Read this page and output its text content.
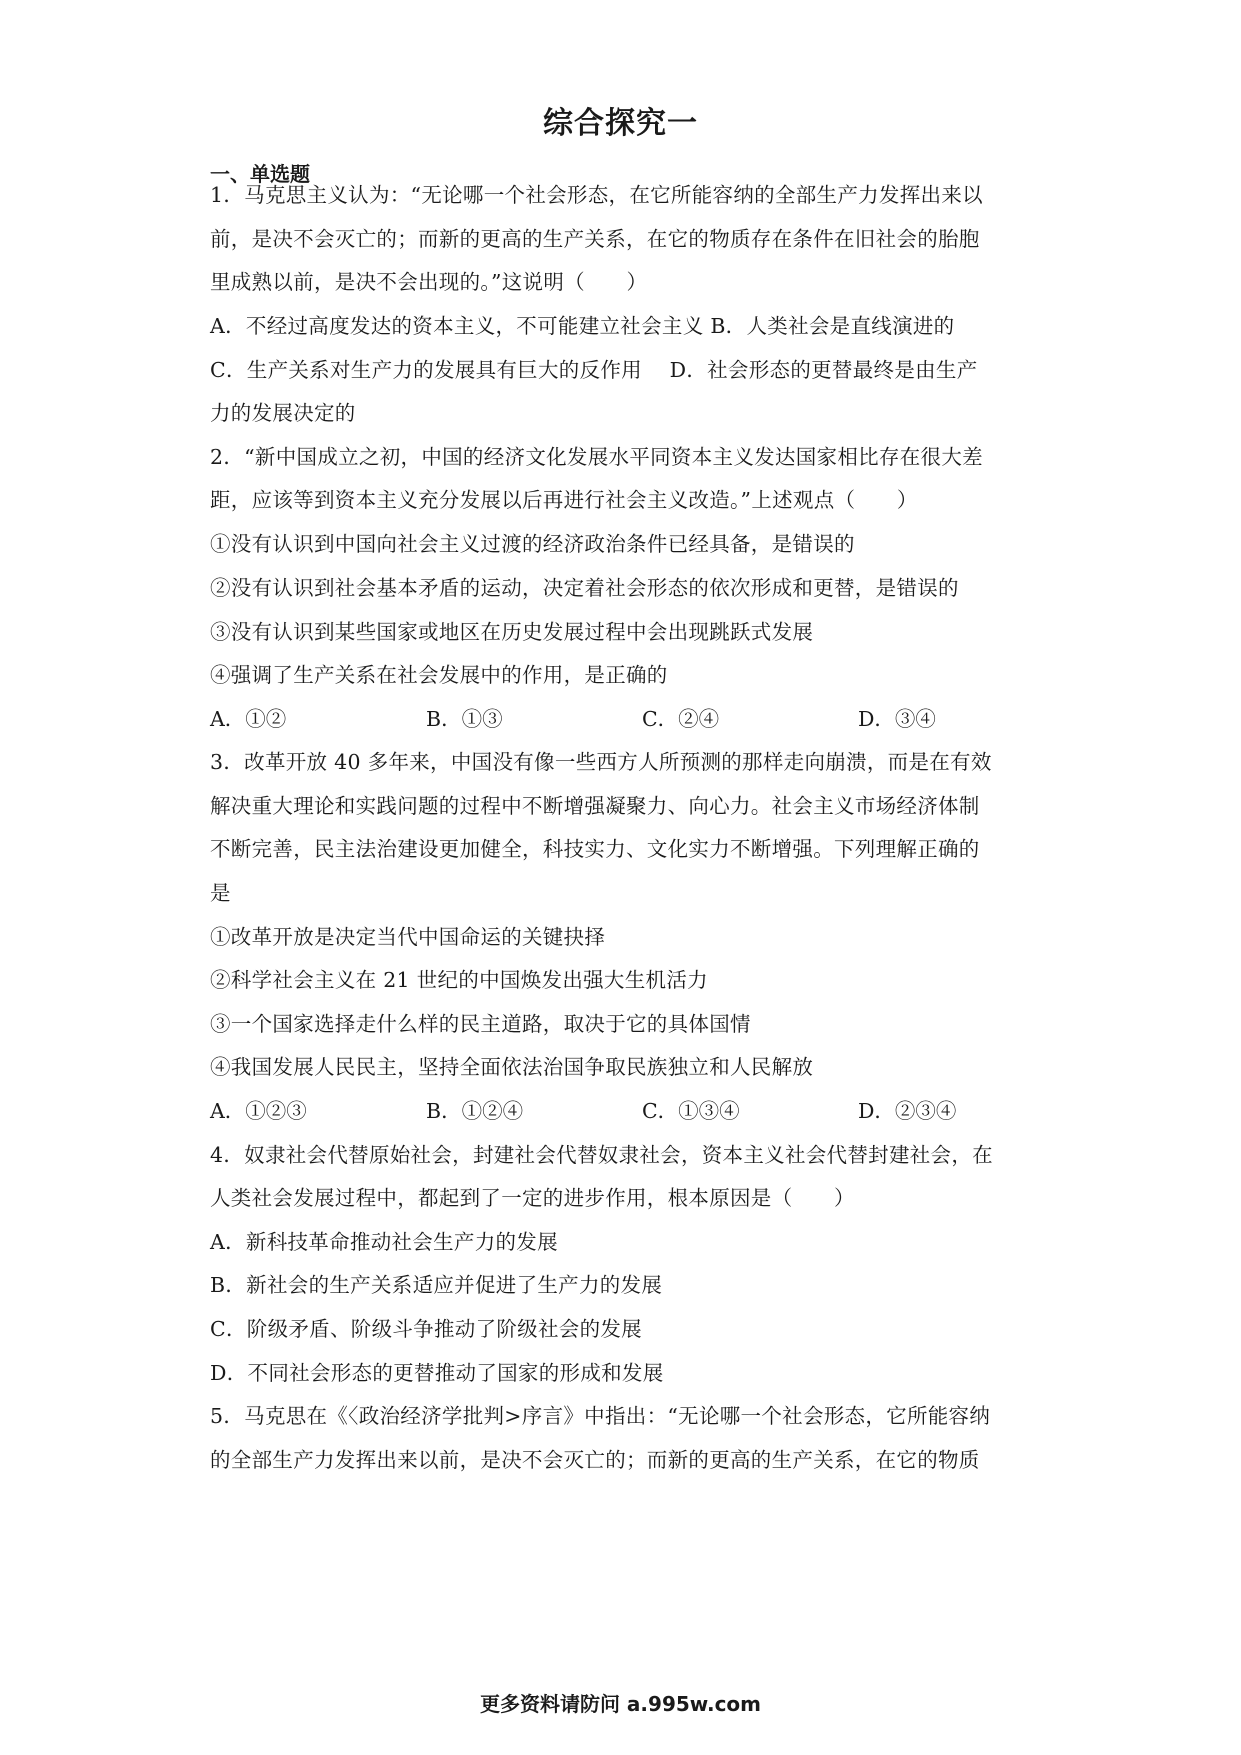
综合探究一
一、单选题
1．马克思主义认为：“无论哪一个社会形态，在它所能容纳的全部生产力发挥出来以
前，是决不会灭亡的；而新的更高的生产关系，在它的物质存在条件在旧社会的胎胞
里成熟以前，是决不会出现的。”这说明（　　）
A．不经过高度发达的资本主义，不可能建立社会主义 B．人类社会是直线演进的
C．生产关系对生产力的发展具有巨大的反作用　 D．社会形态的更替最终是由生产
力的发展决定的
2．“新中国成立之初，中国的经济文化发展水平同资本主义发达国家相比存在很大差
距，应该等到资本主义充分发展以后再进行社会主义改造。”上述观点（　　）
①没有认识到中国向社会主义过渡的经济政治条件已经具备，是错误的
②没有认识到社会基本矛盾的运动，决定着社会形态的依次形成和更替，是错误的
③没有认识到某些国家或地区在历史发展过程中会出现跳跃式发展
④强调了生产关系在社会发展中的作用，是正确的
A．①②	B．①③	C．②④	D．③④
3．改革开放 40 多年来，中国没有像一些西方人所预测的那样走向崩溃，而是在有效
解决重大理论和实践问题的过程中不断增强凝聚力、向心力。社会主义市场经济体制
不断完善，民主法治建设更加健全，科技实力、文化实力不断增强。下列理解正确的
是
①改革开放是决定当代中国命运的关键抉择
②科学社会主义在 21 世纪的中国焕发出强大生机活力
③一个国家选择走什么样的民主道路，取决于它的具体国情
④我国发展人民民主，坚持全面依法治国争取民族独立和人民解放
A．①②③	B．①②④	C．①③④	D．②③④
4．奴隶社会代替原始社会，封建社会代替奴隶社会，资本主义社会代替封建社会，在
人类社会发展过程中，都起到了一定的进步作用，根本原因是（　　）
A．新科技革命推动社会生产力的发展
B．新社会的生产关系适应并促进了生产力的发展
C．阶级矛盾、阶级斗争推动了阶级社会的发展
D．不同社会形态的更替推动了国家的形成和发展
5．马克思在《〈政治经济学批判>序言》中指出：“无论哪一个社会形态，它所能容纳
的全部生产力发挥出来以前，是决不会灭亡的；而新的更高的生产关系，在它的物质
更多资料请防问 a.995w.com
